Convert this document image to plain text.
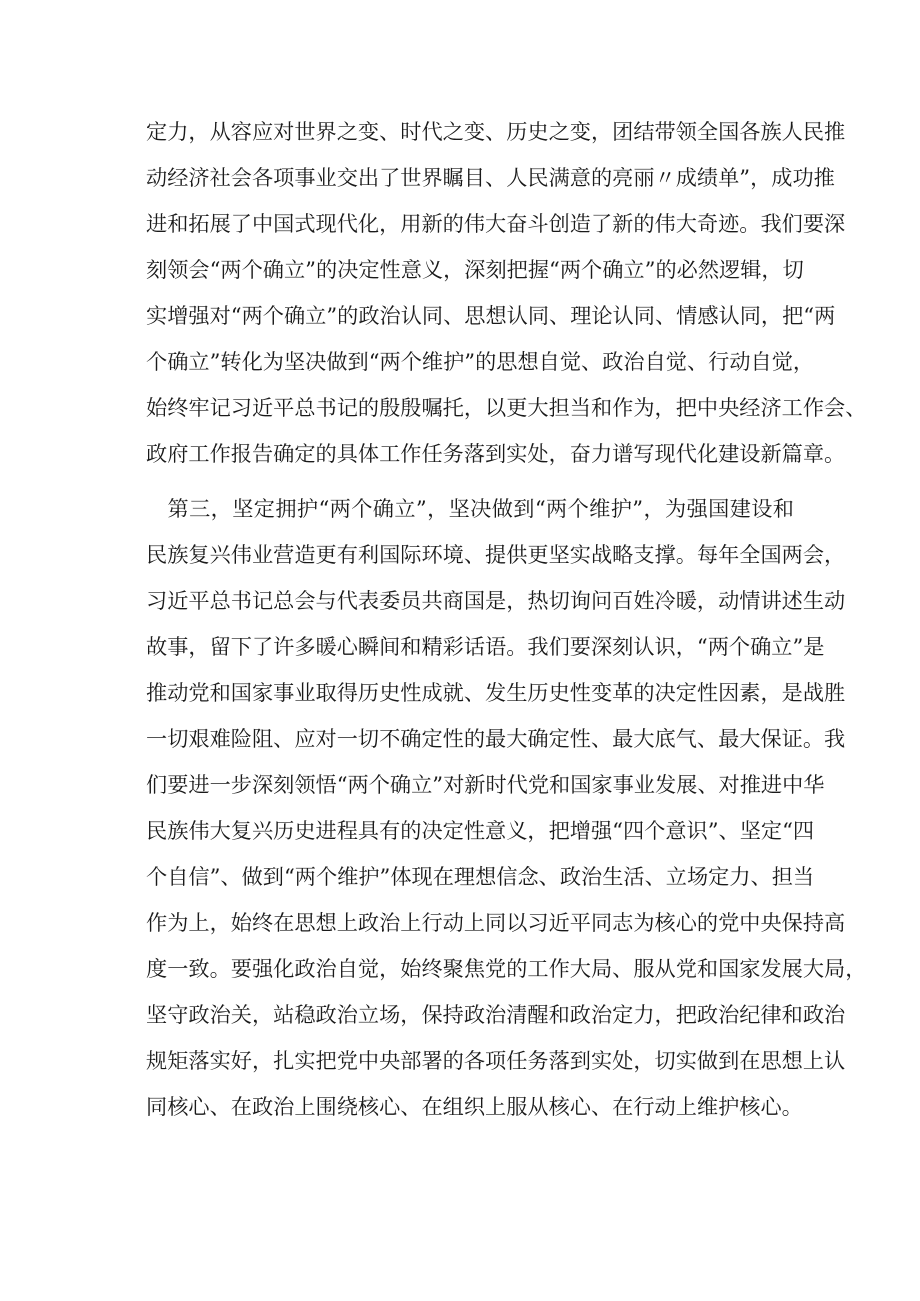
定力，从容应对世界之变、时代之变、历史之变，团结带领全国各族人民推
动经济社会各项事业交出了世界瞩目、人民满意的亮丽〃成绩单”，成功推
进和拓展了中国式现代化，用新的伟大奋斗创造了新的伟大奇迹。我们要深
刻领会“两个确立”的决定性意义，深刻把握“两个确立”的必然逻辑，切
实增强对“两个确立”的政治认同、思想认同、理论认同、情感认同，把“两
个确立”转化为坚决做到“两个维护”的思想自觉、政治自觉、行动自觉，
始终牢记习近平总书记的殷殷嘱托，以更大担当和作为，把中央经济工作会、
政府工作报告确定的具体工作任务落到实处，奋力谱写现代化建设新篇章。
　第三，坚定拥护“两个确立”，坚决做到“两个维护”，为强国建设和
民族复兴伟业营造更有利国际环境、提供更坚实战略支撑。每年全国两会，
习近平总书记总会与代表委员共商国是，热切询问百姓冷暖，动情讲述生动
故事，留下了许多暖心瞬间和精彩话语。我们要深刻认识，“两个确立”是
推动党和国家事业取得历史性成就、发生历史性变革的决定性因素，是战胜
一切艰难险阻、应对一切不确定性的最大确定性、最大底气、最大保证。我
们要进一步深刻领悟“两个确立”对新时代党和国家事业发展、对推进中华
民族伟大复兴历史进程具有的决定性意义，把增强“四个意识”、坚定“四
个自信”、做到“两个维护”体现在理想信念、政治生活、立场定力、担当
作为上，始终在思想上政治上行动上同以习近平同志为核心的党中央保持高
度一致。要强化政治自觉，始终聚焦党的工作大局、服从党和国家发展大局，
坚守政治关，站稳政治立场，保持政治清醒和政治定力，把政治纪律和政治
规矩落实好，扎实把党中央部署的各项任务落到实处，切实做到在思想上认
同核心、在政治上围绕核心、在组织上服从核心、在行动上维护核心。
